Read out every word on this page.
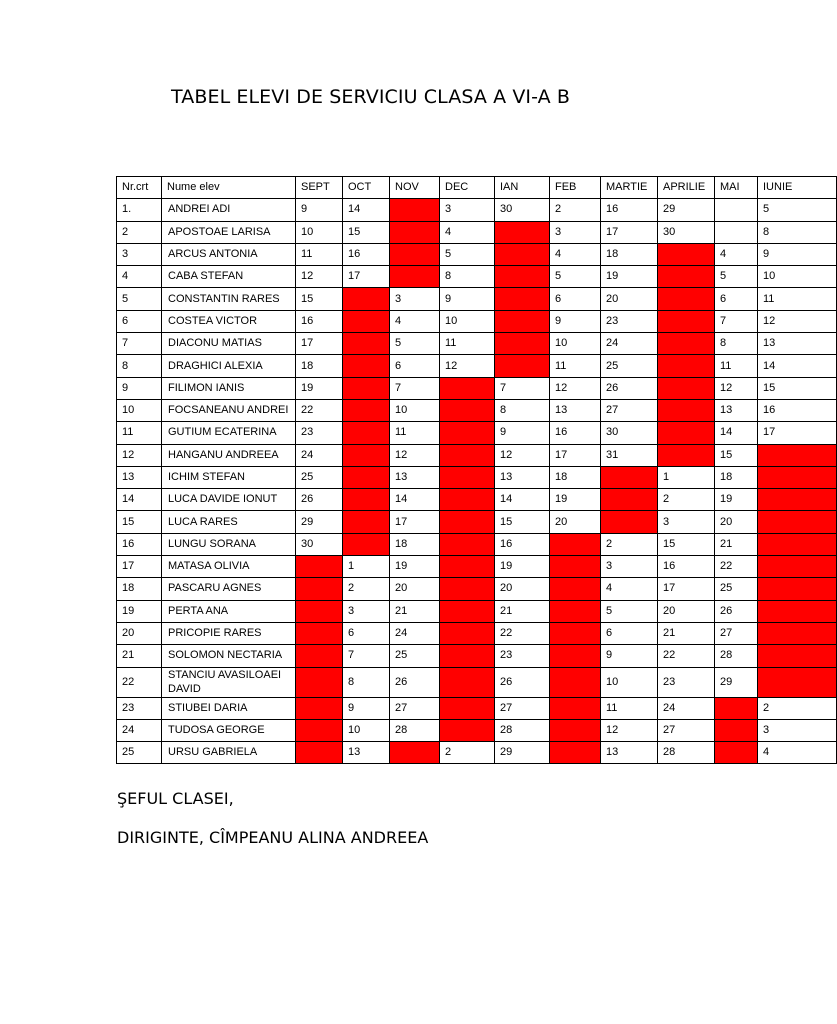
TABEL ELEVI DE SERVICIU CLASA A VI-A B
Nr.crt	Nume elev	SEPT	OCT	NOV	DEC	IAN	FEB	MARTIE	APRILIE	MAI	IUNIE
1.	ANDREI ADI	9	14		3	30	2	16	29		5
2	APOSTOAE LARISA	10	15		4		3	17	30		8
3	ARCUS ANTONIA	11	16		5		4	18		4	9
4	CABA STEFAN	12	17		8		5	19		5	10
5	CONSTANTIN RARES	15		3	9		6	20		6	11
6	COSTEA VICTOR	16		4	10		9	23		7	12
7	DIACONU MATIAS	17		5	11		10	24		8	13
8	DRAGHICI ALEXIA	18		6	12		11	25		11	14
9	FILIMON IANIS	19		7		7	12	26		12	15
10	FOCSANEANU ANDREI	22		10		8	13	27		13	16
11	GUTIUM ECATERINA	23		11		9	16	30		14	17
12	HANGANU ANDREEA	24		12		12	17	31		15	
13	ICHIM STEFAN	25		13		13	18		1	18	
14	LUCA DAVIDE IONUT	26		14		14	19		2	19	
15	LUCA RARES	29		17		15	20		3	20	
16	LUNGU SORANA	30		18		16		2	15	21	
17	MATASA OLIVIA		1	19		19		3	16	22	
18	PASCARU AGNES		2	20		20		4	17	25	
19	PERTA ANA		3	21		21		5	20	26	
20	PRICOPIE RARES		6	24		22		6	21	27	
21	SOLOMON NECTARIA		7	25		23		9	22	28	
22	STANCIU AVASILOAEI DAVID		8	26		26		10	23	29	
23	STIUBEI DARIA		9	27		27		11	24		2
24	TUDOSA GEORGE		10	28		28		12	27		3
25	URSU GABRIELA		13		2	29		13	28		4
ŞEFUL CLASEI,
DIRIGINTE, CÎMPEANU ALINA ANDREEA
